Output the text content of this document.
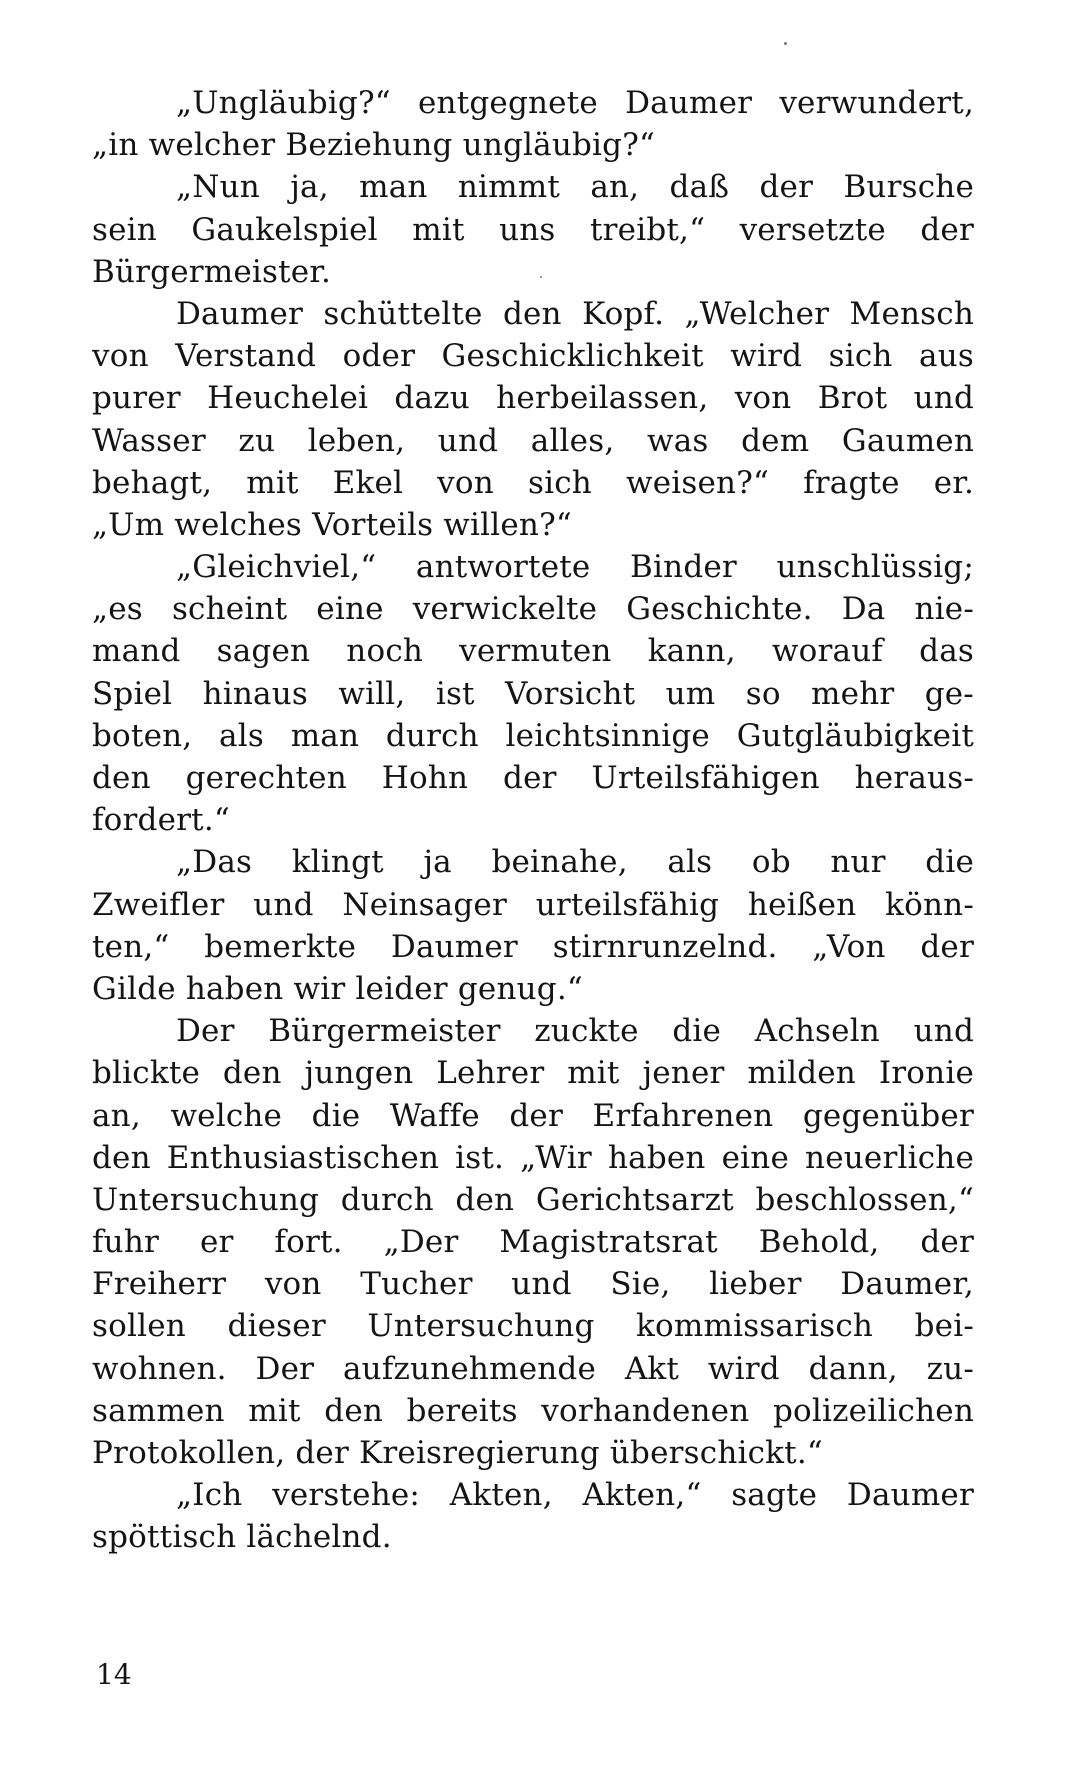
„Ungläubig?“ entgegnete Daumer verwundert,
„in welcher Beziehung ungläubig?“
„Nun ja, man nimmt an, daß der Bursche
sein Gaukelspiel mit uns treibt,“ versetzte der
Bürgermeister.
Daumer schüttelte den Kopf. „Welcher Mensch
von Verstand oder Geschicklichkeit wird sich aus
purer Heuchelei dazu herbeilassen, von Brot und
Wasser zu leben, und alles, was dem Gaumen
behagt, mit Ekel von sich weisen?“ fragte er.
„Um welches Vorteils willen?“
„Gleichviel,“ antwortete Binder unschlüssig;
„es scheint eine verwickelte Geschichte. Da nie-
mand sagen noch vermuten kann, worauf das
Spiel hinaus will, ist Vorsicht um so mehr ge-
boten, als man durch leichtsinnige Gutgläubigkeit
den gerechten Hohn der Urteilsfähigen heraus-
fordert.“
„Das klingt ja beinahe, als ob nur die
Zweifler und Neinsager urteilsfähig heißen könn-
ten,“ bemerkte Daumer stirnrunzelnd. „Von der
Gilde haben wir leider genug.“
Der Bürgermeister zuckte die Achseln und
blickte den jungen Lehrer mit jener milden Ironie
an, welche die Waffe der Erfahrenen gegenüber
den Enthusiastischen ist. „Wir haben eine neuerliche
Untersuchung durch den Gerichtsarzt beschlossen,“
fuhr er fort. „Der Magistratsrat Behold, der
Freiherr von Tucher und Sie, lieber Daumer,
sollen dieser Untersuchung kommissarisch bei-
wohnen. Der aufzunehmende Akt wird dann, zu-
sammen mit den bereits vorhandenen polizeilichen
Protokollen, der Kreisregierung überschickt.“
„Ich verstehe: Akten, Akten,“ sagte Daumer
spöttisch lächelnd.
14
